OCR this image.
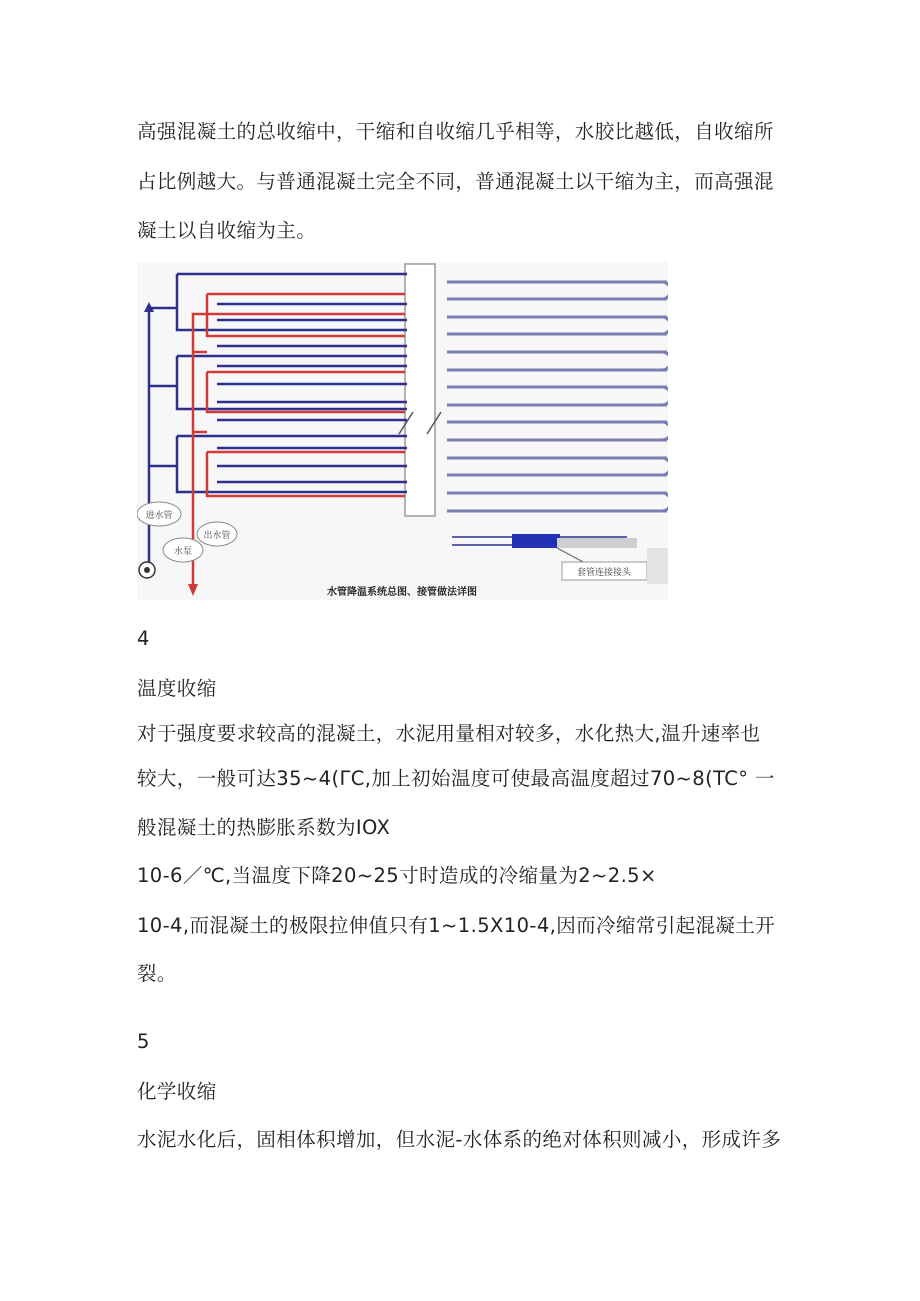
高强混凝土的总收缩中，干缩和自收缩几乎相等，水胶比越低，自收缩所
占比例越大。与普通混凝土完全不同，普通混凝土以干缩为主，而高强混
凝土以自收缩为主。
进水管
水泵
出水管
套管连接接头
水管降温系统总图、接管做法详图
4
温度收缩
对于强度要求较高的混凝土，水泥用量相对较多，水化热大,温升速率也
较大，一般可达35~4(ΓC,加上初始温度可使最高温度超过70~8(TC° 一
般混凝土的热膨胀系数为IOX
10-6／℃,当温度下降20~25寸时造成的冷缩量为2~2.5×
10-4,而混凝土的极限拉伸值只有1~1.5X10-4,因而冷缩常引起混凝土开
裂。
5
化学收缩
水泥水化后，固相体积增加，但水泥-水体系的绝对体积则减小，形成许多
